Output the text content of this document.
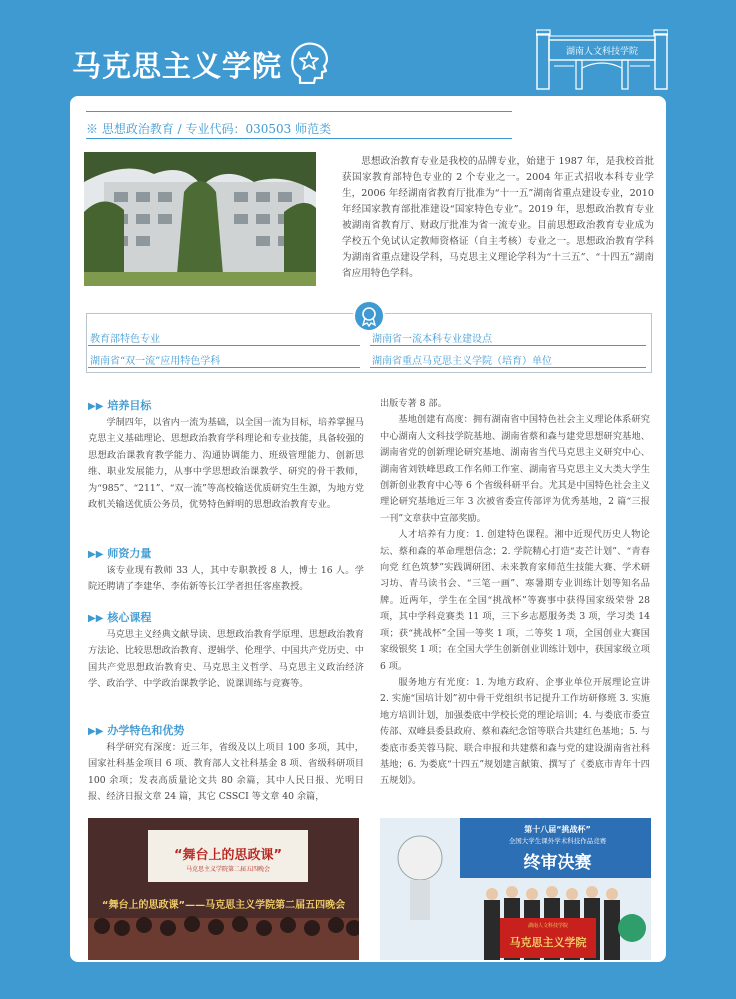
马克思主义学院	湖南人文科技学院
※ 思想政治教育 / 专业代码：030503 师范类

思想政治教育专业是我校的品牌专业，始建于 1987 年，是我校首批获国家教育部特色专业的 2 个专业之一。2004 年正式招收本科专业学生，2006 年经湖南省教育厅批准为“十一五”湖南省重点建设专业，2010 年经国家教育部批准建设“国家特色专业”。2019 年，思想政治教育专业被湖南省教育厅、财政厅批准为省一流专业。目前思想政治教育专业成为学校五个免试认定教师资格证（自主考核）专业之一。思想政治教育学科为湖南省重点建设学科，马克思主义理论学科为“十三五”、“十四五”湖南省应用特色学科。

教育部特色专业	湖南省一流本科专业建设点
湖南省“双一流”应用特色学科	湖南省重点马克思主义学院（培育）单位
▶▶ 培养目标

学制四年，以省内一流为基础，以全国一流为目标，培养掌握马克思主义基础理论、思想政治教育学科理论和专业技能，具备较强的思想政治课教育教学能力、沟通协调能力、班级管理能力、创新思维、职业发展能力，从事中学思想政治课教学、研究的骨干教师，为“985”、“211”、“双一流”等高校输送优质研究生生源，为地方党政机关输送优质公务员，优势特色鲜明的思想政治教育专业。

▶▶ 师资力量

该专业现有教师 33 人，其中专职教授 8 人，博士 16 人。学院还聘请了李建华、李佑新等长江学者担任客座教授。

▶▶ 核心课程

马克思主义经典文献导读、思想政治教育学原理、思想政治教育方法论、比较思想政治教育、逻辑学、伦理学、中国共产党历史、中国共产党思想政治教育史、马克思主义哲学、马克思主义政治经济学、政治学、中学政治课教学论、说课训练与竞赛等。

▶▶ 办学特色和优势

科学研究有深度：近三年，省级及以上项目 100 多项，其中，国家社科基金项目 6 项、教育部人文社科基金 8 项、省级科研项目 100 余项；发表高质量论文共 80 余篇，其中人民日报、光明日报、经济日报文章 24 篇，其它 CSSCI 等文章 40 余篇，

出版专著 8 部。

基地创建有高度：拥有湖南省中国特色社会主义理论体系研究中心湖南人文科技学院基地、湖南省蔡和森与建党思想研究基地、湖南省党的创新理论研究基地、湖南省当代马克思主义研究中心、湖南省刘铁峰思政工作名师工作室、湖南省马克思主义大类大学生创新创业教育中心等 6 个省级科研平台。尤其是中国特色社会主义理论研究基地近三年 3 次被省委宣传部评为优秀基地，2 篇“三报一刊”文章获中宣部奖励。

人才培养有力度：1. 创建特色课程。湘中近现代历史人物论坛、蔡和森的革命理想信念；2. 学院精心打造“麦芒计划”、“青春向党 红色筑梦”实践调研团、未来教育家师范生技能大赛、学术研习坊、青马读书会、“三笔一画”、寒暑期专业训练计划等知名品牌。近两年，学生在全国“挑战杯”等赛事中获得国家级荣誉 28 项，其中学科竞赛类 11 项，三下乡志愿服务类 3 项，学习类 14 项；获“挑战杯”全国一等奖 1 项，二等奖 1 项，全国创业大赛国家级银奖 1 项；在全国大学生创新创业训练计划中，获国家级立项 6 项。

服务地方有光度：1. 为地方政府、企事业单位开展理论宣讲 2. 实施“国培计划”初中骨干党组织书记提升工作坊研修班 3. 实施地方培训计划，加强娄底中学校长党的理论培训；4. 与娄底市委宣传部、双峰县委县政府、蔡和森纪念馆等联合共建红色基地；5. 与娄底市委芙蓉马院、联合申报和共建蔡和森与党的建设湖南省社科基地；6. 为娄底“十四五”规划建言献策、撰写了《娄底市青年十四五规划》。

“舞台上的思政课”
马克思主义学院第二届五四晚会
“舞台上的思政课”——马克思主义学院第二届五四晚会
第十八届“挑战杯”
全国大学生课外学术科技作品竞赛
终审决赛
湖南人文科技学院
马克思主义学院
